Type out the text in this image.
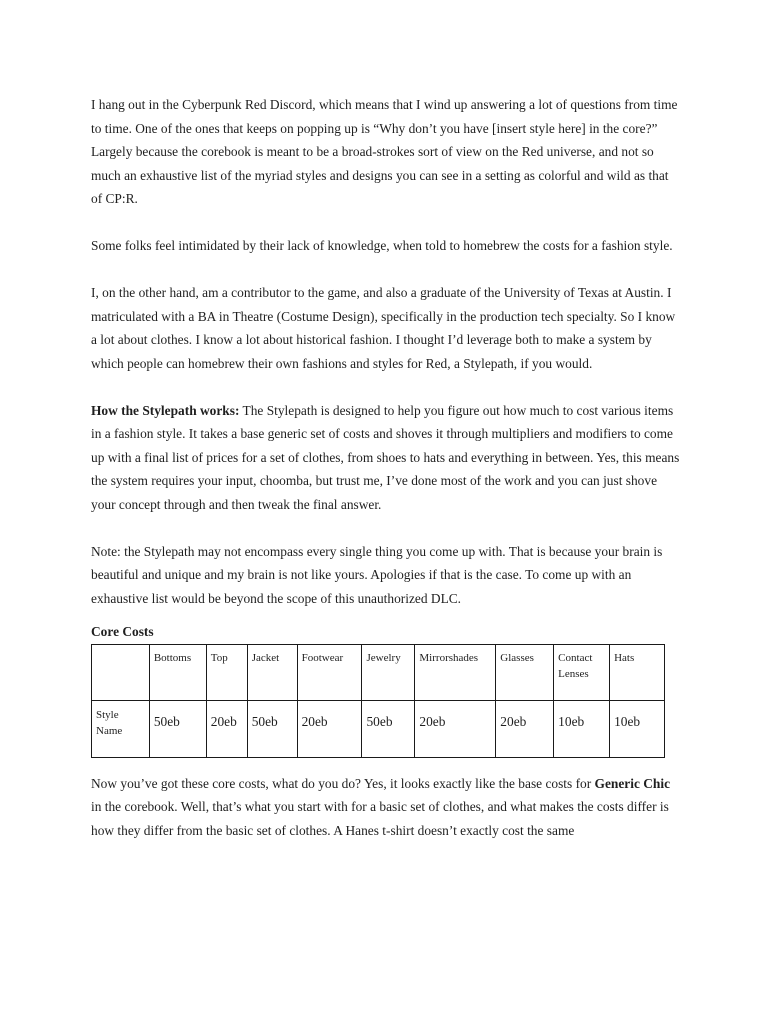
I hang out in the Cyberpunk Red Discord, which means that I wind up answering a lot of questions from time to time. One of the ones that keeps on popping up is “Why don’t you have [insert style here] in the core?” Largely because the corebook is meant to be a broad-strokes sort of view on the Red universe, and not so much an exhaustive list of the myriad styles and designs you can see in a setting as colorful and wild as that of CP:R.

Some folks feel intimidated by their lack of knowledge, when told to homebrew the costs for a fashion style.

I, on the other hand, am a contributor to the game, and also a graduate of the University of Texas at Austin. I matriculated with a BA in Theatre (Costume Design), specifically in the production tech specialty. So I know a lot about clothes. I know a lot about historical fashion. I thought I’d leverage both to make a system by which people can homebrew their own fashions and styles for Red, a Stylepath, if you would.

How the Stylepath works: The Stylepath is designed to help you figure out how much to cost various items in a fashion style. It takes a base generic set of costs and shoves it through multipliers and modifiers to come up with a final list of prices for a set of clothes, from shoes to hats and everything in between. Yes, this means the system requires your input, choomba, but trust me, I’ve done most of the work and you can just shove your concept through and then tweak the final answer.

Note: the Stylepath may not encompass every single thing you come up with. That is because your brain is beautiful and unique and my brain is not like yours. Apologies if that is the case. To come up with an exhaustive list would be beyond the scope of this unauthorized DLC.

Core Costs
	Bottoms	Top	Jacket	Footwear	Jewelry	Mirrorshades	Glasses	Contact Lenses	Hats
Style Name	50eb	20eb	50eb	20eb	50eb	20eb	20eb	10eb	10eb

Now you’ve got these core costs, what do you do? Yes, it looks exactly like the base costs for Generic Chic in the corebook. Well, that’s what you start with for a basic set of clothes, and what makes the costs differ is how they differ from the basic set of clothes. A Hanes t-shirt doesn’t exactly cost the same
